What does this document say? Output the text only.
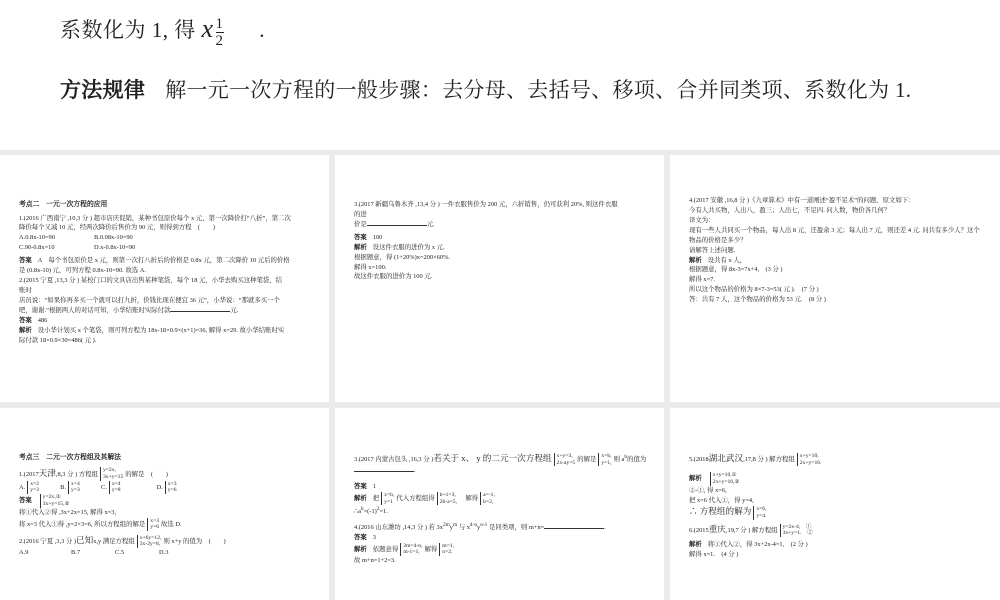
系数化为 1, 得 x $\frac{1}{2}$ .
方法规律 解一元一次方程的一般步骤：去分母、去括号、移项、合并同类项、系数化为 1.

考点二　一元一次方程的应用

1.(2016 广西南宁 ,10,3 分 ) 超市店庆促销，某种书包原价每个 x 元，第一次降价打“八折”，第二次

降价每个又减 10 元，经两次降价后售价为 90 元，则得到方程　(　　)

A.0.8x-10=90	B.0.08x-10=90

C.90-0.8x=10	D.x-0.8x-10=90

答案 A　每个书包原价是 x 元，则第一次打八折后的价格是 0.8x 元，第二次降价 10 元后的价格

是 (0.8x-10) 元，可列方程 0.8x-10=90. 故选 A.

2.(2015 宁夏 ,13,3 分 ) 某校门口的文具店出售某种笔袋，每个 18 元，小华去购买这种笔袋，结

账时

店员说：“如果你再多买一个就可以打九折，价钱比现在便宜 36 元”，小华说：“那就多买一个

吧，谢谢.”根据两人的对话可知，小华结账时实际付款	元.

答案 486

解析 设小华计划买 x 个笔袋，则可列方程为 18x-18×0.9×(x+1)=36, 解得 x=29. 故小华结账时实

际付款 18×0.9×30=486( 元 ).

3.(2017 新疆乌鲁木齐 ,13,4 分 ) 一件衣服售价为 200 元，六折销售，仍可获利 20%, 则这件衣服

的进

价是	元.

答案 100

解析 设这件衣服的进价为 x 元.

根据题意，得 (1+20%)x=200×60%.

解得 x=100.

故这件衣服的进价为 100 元.

4.(2017 安徽 ,16,8 分 )《九章算术》中有一道阐述“盈不足术”的问题，原文如下：

今有人共买物，人出八，盈三；人出七，不足四. 问人数，物价各几何？

译文为：

现有一些人共同买一个物品，每人出 8 元，还盈余 3 元；每人出 7 元，则还差 4 元. 问共有多少人？这个

物品的价格是多少？

请解答上述问题.

解析 设共有 x 人，

根据题意，得 8x-3=7x+4,　(3 分 )

解得 x=7.

所以这个物品的价格为 8×7-3=53( 元 ).　(7 分 )

答：共有 7 人，这个物品的价格为 53 元.　(8 分 )

考点三　二元一次方程组及其解法

1.(2017天津,8,3 分 ) 方程组
y=2x,
3x+y=15 的解是　(　　)

A.
x=2
y=3 　　　B.
x=4
y=3 　　　C.
x=4
y=8	D.
x=3
y=6

答案
y=2x,①
3x+y=15,②

将①代入②得 ,3x+2x=15, 解得 x=3,

将 x=3 代入①得 ,y=2×3=6, 所以方程组的解是
x=3
y=6 故选 D.

2.(2016 宁夏 ,3,3 分 )已知x,y 满足方程组
x+6y=12,
3x-2y=8, 则 x+y 的值为　(　　)

A.9	B.7	C.5	D.3

3.(2017 内蒙古包头 ,16,3 分 )若关于 x、 y 的二元一次方程组 x+y=3,
2x-ay=5 的解是
x=b,
y=1, 则 $a^b$的值为

.

答案 1

解析 把
x=b,
y=1 代入方程组得
b+1=3,
2b-a=5,
　 解得
a=-1,
b=2,

$\therefore a^b=(-1)^2=1$.

4.(2016 山东潍坊 ,14,3 分 ) 若 $3x^{2m}y^m$ 与 $x^{4-n}y^{n-1}$ 是同类项，则 m+n=	.

答案 3

解析 依题意得
2m=4-n,
m-1=1, 解得
m=1,
n=2.

故 m+n=1+2=3.

5.(2018湖北武汉,17,8 分 ) 解方程组
x+y=10,
2x+y=16.

解析
x+y=10,①
2x+y=16,②

②-①, 得 x=6,

把 x=6 代入①，得 y=4,

∴ 方程组的解为 x=6,
y=4.

6.(2015重庆,19,7 分 ) 解方程组
y=2x-4,　①
3x+y=1.　②

解析 将①代入②，得 3x+2x-4=1,　(2 分 )

解得 x=1.　(4 分 )
